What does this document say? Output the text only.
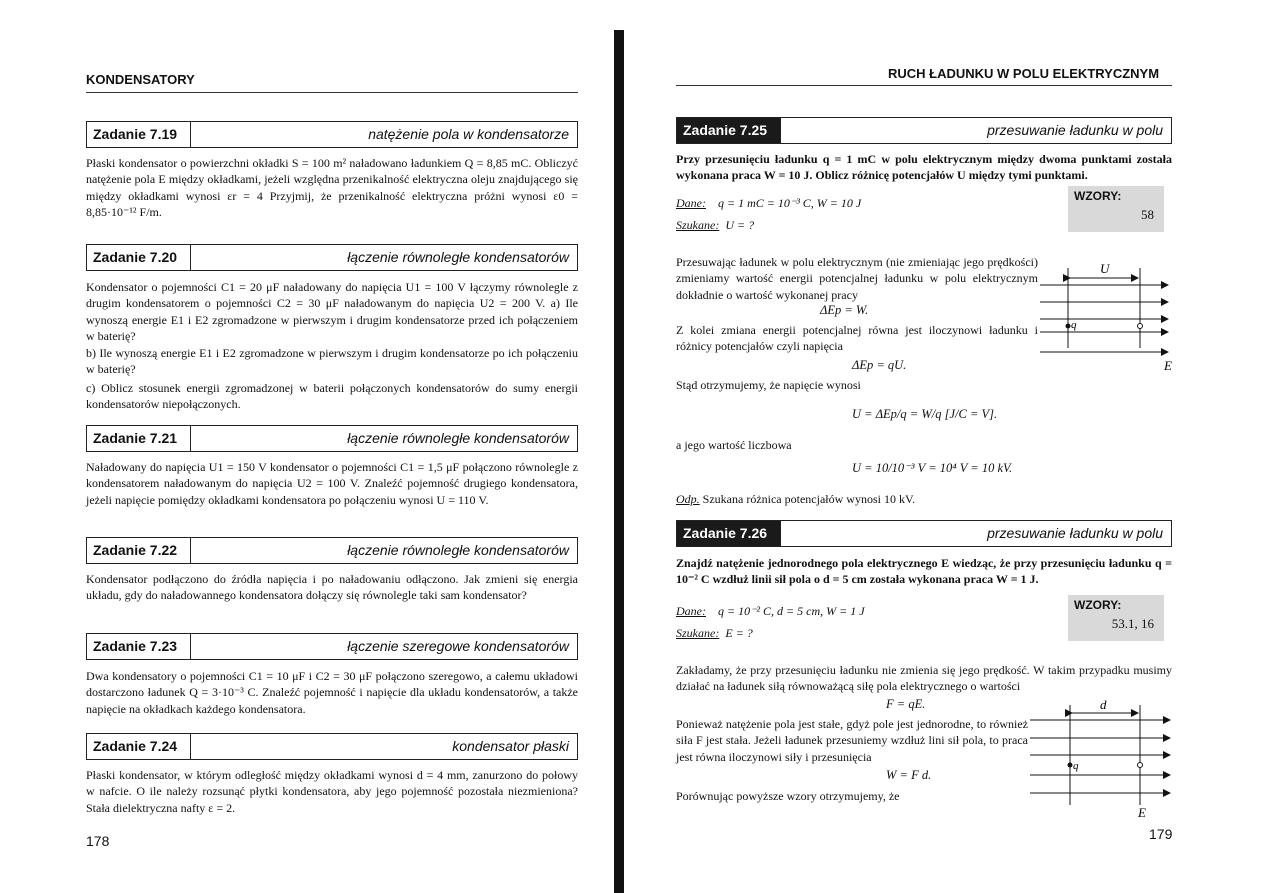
KONDENSATORY
Zadanie 7.19	natężenie pola w kondensatorze
Płaski kondensator o powierzchni okładki S = 100 m² naładowano ładunkiem Q = 8,85 mC. Obliczyć natężenie pola E między okładkami, jeżeli względna przenikalność elektryczna oleju znajdującego się między okładkami wynosi εr = 4 Przyjmij, że przenikalność elektryczna próżni wynosi ε0 = 8,85·10⁻¹² F/m.
Zadanie 7.20	łączenie równoległe kondensatorów
Kondensator o pojemności C1 = 20 μF naładowany do napięcia U1 = 100 V łączymy równolegle z drugim kondensatorem o pojemności C2 = 30 μF naładowanym do napięcia U2 = 200 V. a) Ile wynoszą energie E1 i E2 zgromadzone w pierwszym i drugim kondensatorze przed ich połączeniem w baterię?
b) Ile wynoszą energie E1 i E2 zgromadzone w pierwszym i drugim kondensatorze po ich połączeniu w baterię?
c) Oblicz stosunek energii zgromadzonej w baterii połączonych kondensatorów do sumy energii kondensatorów niepołączonych.
Zadanie 7.21	łączenie równoległe kondensatorów
Naładowany do napięcia U1 = 150 V kondensator o pojemności C1 = 1,5 μF połączono równolegle z kondensatorem naładowanym do napięcia U2 = 100 V. Znaleźć pojemność drugiego kondensatora, jeżeli napięcie pomiędzy okładkami kondensatora po połączeniu wynosi U = 110 V.
Zadanie 7.22	łączenie równoległe kondensatorów
Kondensator podłączono do źródła napięcia i po naładowaniu odłączono. Jak zmieni się energia układu, gdy do naładowannego kondensatora dołączy się równolegle taki sam kondensator?
Zadanie 7.23	łączenie szeregowe kondensatorów
Dwa kondensatory o pojemności C1 = 10 μF i C2 = 30 μF połączono szeregowo, a całemu układowi dostarczono ładunek Q = 3·10⁻³ C. Znaleźć pojemność i napięcie dla układu kondensatorów, a także napięcie na okładkach każdego kondensatora.
Zadanie 7.24	kondensator płaski
Płaski kondensator, w którym odległość między okładkami wynosi d = 4 mm, zanurzono do połowy w nafcie. O ile należy rozsunąć płytki kondensatora, aby jego pojemność pozostała niezmieniona? Stała dielektryczna nafty ε = 2.
178
RUCH ŁADUNKU W POLU ELEKTRYCZNYM
Zadanie 7.25	przesuwanie ładunku w polu
Przy przesunięciu ładunku q = 1 mC w polu elektrycznym między dwoma punktami została wykonana praca W = 10 J. Oblicz różnicę potencjałów U między tymi punktami.
Dane: q = 1 mC = 10⁻³ C, W = 10 J
Szukane: U = ?
WZORY:
58
Przesuwając ładunek w polu elektrycznym (nie zmieniając jego prędkości) zmieniamy wartość energii potencjalnej ładunku w polu elektrycznym dokładnie o wartość wykonanej pracy
ΔEp = W.
Z kolei zmiana energii potencjalnej równa jest iloczynowi ładunku i różnicy potencjałów czyli napięcia
ΔEp = qU.
Stąd otrzymujemy, że napięcie wynosi
U = ΔEp/q = W/q [J/C = V].
a jego wartość liczbowa
U = 10/10⁻³ V = 10⁴ V = 10 kV.
Odp. Szukana różnica potencjałów wynosi 10 kV.
U
q
E
Zadanie 7.26	przesuwanie ładunku w polu
Znajdź natężenie jednorodnego pola elektrycznego E wiedząc, że przy przesunięciu ładunku q = 10⁻² C wzdłuż linii sił pola o d = 5 cm została wykonana praca W = 1 J.
Dane: q = 10⁻² C, d = 5 cm, W = 1 J
Szukane: E = ?
WZORY:
53.1, 16
Zakładamy, że przy przesunięciu ładunku nie zmienia się jego prędkość. W takim przypadku musimy działać na ładunek siłą równoważącą siłę pola elektrycznego o wartości
F = qE.
Ponieważ natężenie pola jest stałe, gdyż pole jest jednorodne, to również siła F jest stała. Jeżeli ładunek przesuniemy wzdłuż lini sił pola, to praca jest równa iloczynowi siły i przesunięcia
W = F d.
Porównując powyższe wzory otrzymujemy, że
d
q
E
179
